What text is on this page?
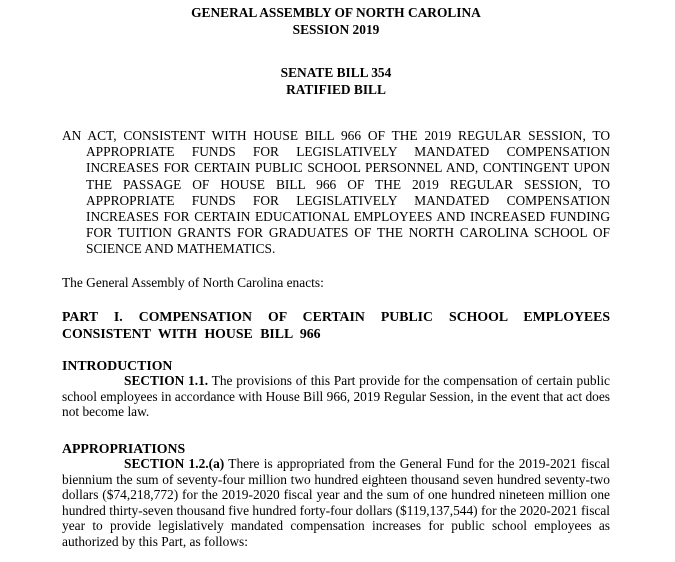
GENERAL ASSEMBLY OF NORTH CAROLINA
SESSION 2019
SENATE BILL 354
RATIFIED BILL

AN ACT, CONSISTENT WITH HOUSE BILL 966 OF THE 2019 REGULAR SESSION, TO APPROPRIATE FUNDS FOR LEGISLATIVELY MANDATED COMPENSATION INCREASES FOR CERTAIN PUBLIC SCHOOL PERSONNEL AND, CONTINGENT UPON THE PASSAGE OF HOUSE BILL 966 OF THE 2019 REGULAR SESSION, TO APPROPRIATE FUNDS FOR LEGISLATIVELY MANDATED COMPENSATION INCREASES FOR CERTAIN EDUCATIONAL EMPLOYEES AND INCREASED FUNDING FOR TUITION GRANTS FOR GRADUATES OF THE NORTH CAROLINA SCHOOL OF SCIENCE AND MATHEMATICS.

The General Assembly of North Carolina enacts:

PART I. COMPENSATION OF CERTAIN PUBLIC SCHOOL EMPLOYEES CONSISTENT WITH HOUSE BILL 966

INTRODUCTION

SECTION 1.1. The provisions of this Part provide for the compensation of certain public school employees in accordance with House Bill 966, 2019 Regular Session, in the event that act does not become law.

APPROPRIATIONS

SECTION 1.2.(a) There is appropriated from the General Fund for the 2019-2021 fiscal biennium the sum of seventy-four million two hundred eighteen thousand seven hundred seventy-two dollars ($74,218,772) for the 2019-2020 fiscal year and the sum of one hundred nineteen million one hundred thirty-seven thousand five hundred forty-four dollars ($119,137,544) for the 2020-2021 fiscal year to provide legislatively mandated compensation increases for public school employees as authorized by this Part, as follows:
